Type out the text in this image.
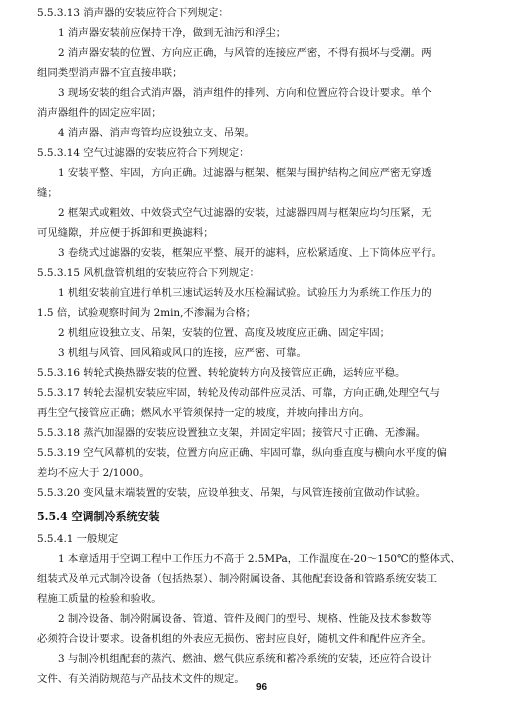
5.5.3.13 消声器的安装应符合下列规定：
1 消声器安装前应保持干净，做到无油污和浮尘；
2 消声器安装的位置、方向应正确，与风管的连接应严密，不得有损坏与受潮。两
组同类型消声器不宜直接串联；
3 现场安装的组合式消声器，消声组件的排列、方向和位置应符合设计要求。单个
消声器组件的固定应牢固；
4 消声器、消声弯管均应设独立支、吊架。
5.5.3.14 空气过滤器的安装应符合下列规定：
1 安装平整、牢固，方向正确。过滤器与框架、框架与围护结构之间应严密无穿透
缝；
2 框架式或粗效、中效袋式空气过滤器的安装，过滤器四周与框架应均匀压紧，无
可见缝隙，并应便于拆卸和更换滤料；
3 卷绕式过滤器的安装，框架应平整、展开的滤料，应松紧适度、上下筒体应平行。
5.5.3.15 风机盘管机组的安装应符合下列规定：
1 机组安装前宜进行单机三速试运转及水压检漏试验。试验压力为系统工作压力的
1.5 倍，试验观察时间为 2min,不渗漏为合格；
2 机组应设独立支、吊架，安装的位置、高度及坡度应正确、固定牢固；
3 机组与风管、回风箱或风口的连接，应严密、可靠。
5.5.3.16 转轮式换热器安装的位置、转轮旋转方向及接管应正确，运转应平稳。
5.5.3.17 转轮去湿机安装应牢固，转轮及传动部件应灵活、可靠，方向正确,处理空气与
再生空气接管应正确；燃风水平管须保持一定的坡度，并坡向排出方向。
5.5.3.18 蒸汽加湿器的安装应设置独立支架，并固定牢固；接管尺寸正确、无渗漏。
5.5.3.19 空气风幕机的安装，位置方向应正确、牢固可靠，纵向垂直度与横向水平度的偏
差均不应大于 2/1000。
5.5.3.20 变风量末端装置的安装，应设单独支、吊架，与风管连接前宜做动作试验。
5.5.4 空调制冷系统安装
5.5.4.1 一般规定
1 本章适用于空调工程中工作压力不高于 2.5MPa，工作温度在-20～150℃的整体式、
组装式及单元式制冷设备（包括热泵）、制冷附属设备、其他配套设备和管路系统安装工
程施工质量的检验和验收。
2 制冷设备、制冷附属设备、管道、管件及阀门的型号、规格、性能及技术参数等
必须符合设计要求。设备机组的外表应无损伤、密封应良好，随机文件和配件应齐全。
3 与制冷机组配套的蒸汽、燃油、燃气供应系统和蓄冷系统的安装，还应符合设计
文件、有关消防规范与产品技术文件的规定。
96
